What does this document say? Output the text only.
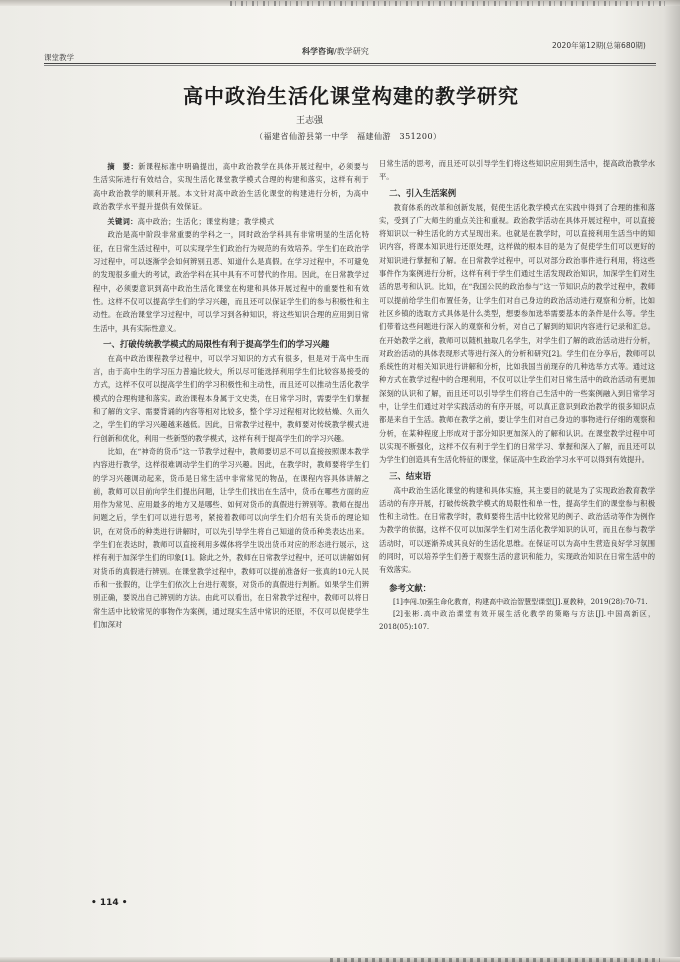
课堂教学
科学咨询/教学研究
2020年第12期(总第680期)
高中政治生活化课堂构建的教学研究
王志强
（福建省仙游县第一中学　福建仙游　351200）

摘　要：新课程标准中明确提出，高中政治教学在具体开展过程中，必须要与生活实际进行有效结合，实现生活化课堂教学模式合理的构建和落实，这样有利于高中政治教学的顺利开展。本文针对高中政治生活化课堂的构建进行分析，为高中政治教学水平提升提供有效保证。

关键词：高中政治；生活化；课堂构建；教学模式

政治是高中阶段非常重要的学科之一，同时政治学科具有非常明显的生活化特征，在日常生活过程中，可以实现学生们政治行为规范的有效培养。学生们在政治学习过程中，可以逐渐学会如何辨别丑恶、知道什么是真假。在学习过程中，不可避免的发现很多重大的考试，政治学科在其中具有不可替代的作用。因此，在日常教学过程中，必须要意识到高中政治生活化课堂在构建和具体开展过程中的重要性和有效性。这样不仅可以提高学生们的学习兴趣，而且还可以保证学生们的参与积极性和主动性。在政治课堂学习过程中，可以学习到各种知识，将这些知识合理的应用到日常生活中，具有实际性意义。

一、打破传统教学模式的局限性有利于提高学生们的学习兴趣

在高中政治课程教学过程中，可以学习知识的方式有很多，但是对于高中生而言，由于高中生的学习压力普遍比较大，所以尽可能选择利用学生们比较容易接受的方式，这样不仅可以提高学生们的学习积极性和主动性，而且还可以推动生活化教学模式的合理构建和落实。政治课程本身属于文史类，在日常学习时，需要学生们掌握和了解的文字、需要背诵的内容等相对比较多，整个学习过程相对比较枯燥、久而久之，学生们的学习兴趣越来越低。因此，日常教学过程中，教师要对传统教学模式进行创新和优化，利用一些新型的教学模式，这样有利于提高学生们的学习兴趣。

比如，在“神奇的货币”这一节教学过程中，教师要切忌不可以直接按照课本教学内容进行教学，这样很难调动学生们的学习兴趣。因此，在教学时，教师要将学生们的学习兴趣调动起来，货币是日常生活中非常常见的物品，在课程内容具体讲解之前，教师可以目前向学生们提出问题，让学生们找出在生活中，货币在哪些方面的应用作为常见、应用最多的地方又是哪些、如何对货币的真假进行辨别等。教师在提出问题之后，学生们可以进行思考，紧接着教师可以向学生们介绍有关货币的理论知识，在对货币的种类进行讲解时，可以先引导学生将自己知道的货币种类表达出来。学生们在表达时，教师可以直接利用多媒体将学生说出货币对应的形态进行展示，这样有利于加深学生们的印象[1]。除此之外，教师在日常教学过程中，还可以讲解如何对货币的真假进行辨别。在课堂教学过程中，教师可以提前准备好一张真的10元人民币和一张假的，让学生们依次上台进行观察，对货币的真假进行判断。如果学生们辨别正确，要说出自己辨别的方法。由此可以看出，在日常教学过程中，教师可以将日常生活中比较常见的事物作为案例，通过现实生活中常识的还原，不仅可以促使学生们加深对

日常生活的思考，而且还可以引导学生们将这些知识应用到生活中，提高政治教学水平。

二、引入生活案例

教育体系的改革和创新发展，促使生活化教学模式在实践中得到了合理的推和落实，受到了广大师生的重点关注和重视。政治教学活动在具体开展过程中，可以直接将知识以一种生活化的方式呈现出来。也就是在教学时，可以直接利用生活当中的知识内容，将课本知识进行还原处理，这样做的根本目的是为了促使学生们可以更好的对知识进行掌握和了解。在日常教学过程中，可以对部分政治事件进行利用，将这些事件作为案例进行分析，这样有利于学生们通过生活发现政治知识，加深学生们对生活的思考和认识。比如，在“我国公民的政治参与”这一节知识点的教学过程中，教师可以提前给学生们布置任务，让学生们对自己身边的政治活动进行观察和分析，比如社区乡镇的选取方式具体是什么类型，想要参加选举需要基本的条件是什么等。学生们带着这些问题进行深入的观察和分析，对自己了解到的知识内容进行记录和汇总。在开始教学之前，教师可以随机抽取几名学生，对学生们了解的政治活动进行分析，对政治活动的具体表现形式等进行深入的分析和研究[2]。学生们在分享后，教师可以系统性的对相关知识进行讲解和分析，比如我国当前现存的几种选举方式等。通过这种方式在教学过程中的合理利用，不仅可以让学生们对日常生活中的政治活动有更加深刻的认识和了解，而且还可以引导学生们将自己生活中的一些案例融入到日常学习中，让学生们通过对学实践活动的有序开展，可以真正意识到政治教学的很多知识点都是来自于生活。教师在教学之前，要让学生们对自己身边的事物进行仔细的观察和分析，在某种程度上形成对于部分知识更加深入的了解和认识。在课堂教学过程中可以实现不断强化，这样不仅有利于学生们的日常学习、掌握和深入了解，而且还可以为学生们创造具有生活化特征的课堂，保证高中生政治学习水平可以得到有效提升。

三、结束语

高中政治生活化课堂的构建和具体实施，其主要目的就是为了实现政治教育教学活动的有序开展，打破传统教学模式的局限性和单一性，提高学生们的课堂参与积极性和主动性。在日常教学时，教师要将生活中比较常见的例子、政治活动等作为例作为教学的依据，这样不仅可以加深学生们对生活化教学知识的认可，而且在参与教学活动时，可以逐渐养成其良好的生活化思维。在保证可以为高中生营造良好学习氛围的同时，可以培养学生们善于观察生活的意识和能力，实现政治知识在日常生活中的有效落实。

参考文献：

[1]李闯.加强生命化教育，构建高中政治智慧型课堂[J].夏教种，2019(28):70-71.

[2]张彬.高中政治课堂有效开展生活化教学的策略与方法[J].中国高新区，2018(05):107.

• 114 •
